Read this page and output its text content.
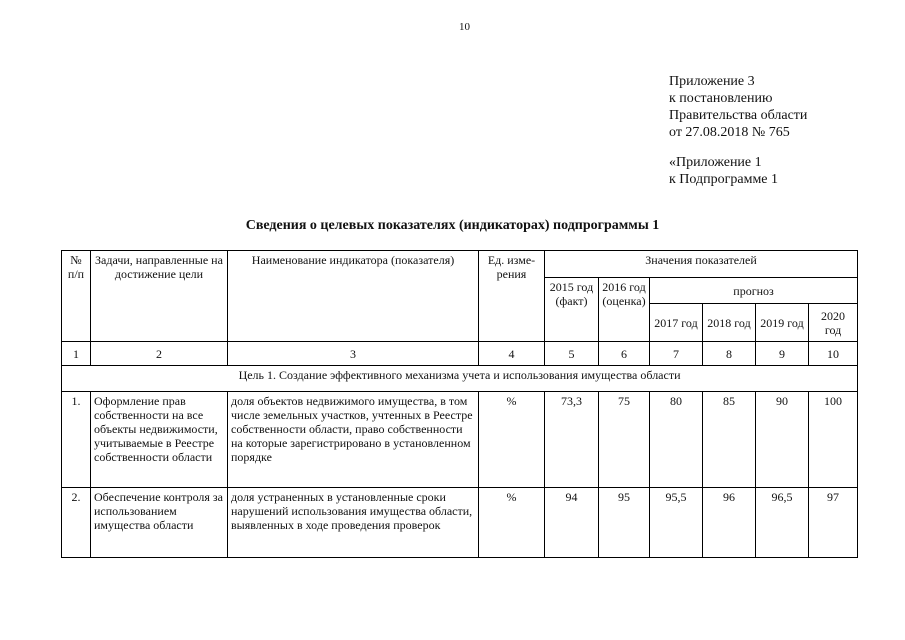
10
Приложение 3
к постановлению
Правительства области
от 27.08.2018 № 765
«Приложение 1
к Подпрограмме 1
Сведения о целевых показателях (индикаторах) подпрограммы 1
№ п/п	Задачи, направленные на достижение цели	Наименование индикатора (показателя)	Ед. изме-рения	Значения показателей					
				2015 год (факт)	2016 год (оценка)	прогноз			
						2017 год	2018 год	2019 год	2020 год
1	2	3	4	5	6	7	8	9	10
Цель 1. Создание эффективного механизма учета и использования имущества области									
1.	Оформление прав собственности на все объекты недвижимости, учитываемые в Реестре собственности области	доля объектов недвижимого имущества, в том числе земельных участков, учтенных в Реестре собственности области, право собственности на которые зарегистрировано в установленном порядке	%	73,3	75	80	85	90	100
2.	Обеспечение контроля за использованием имущества области	доля устраненных в установленные сроки нарушений использования имущества области, выявленных в ходе проведения проверок	%	94	95	95,5	96	96,5	97
